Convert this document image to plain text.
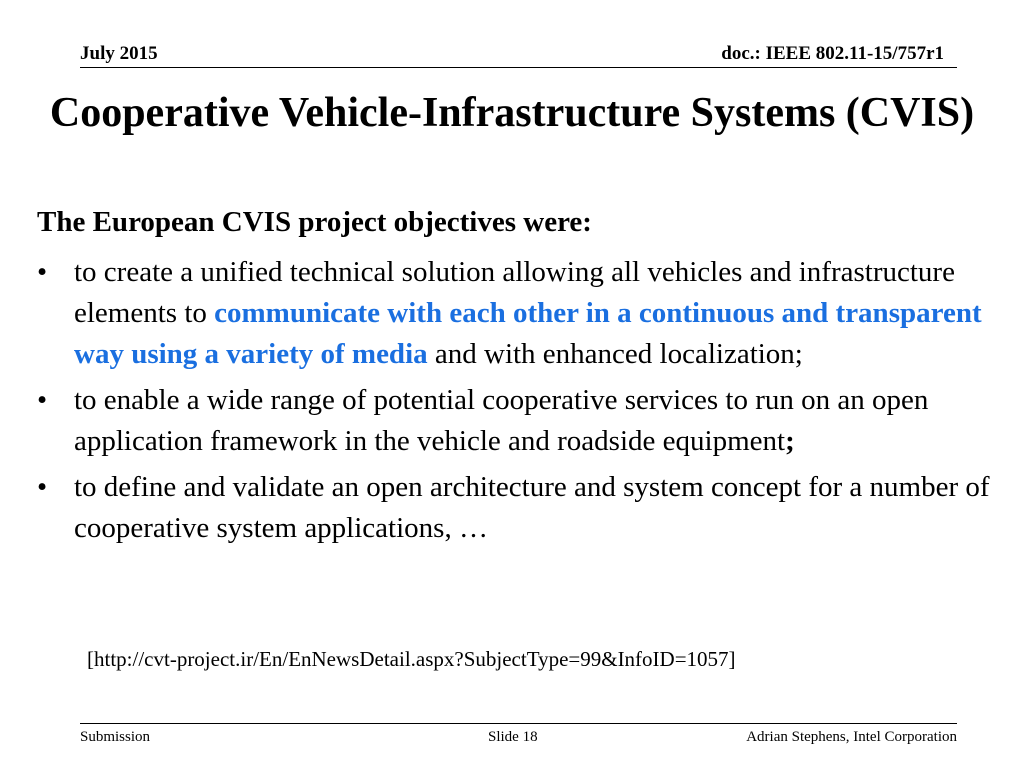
July 2015	doc.: IEEE 802.11-15/757r1
Cooperative Vehicle-Infrastructure Systems (CVIS)

The European CVIS project objectives were:

• to create a unified technical solution allowing all vehicles and infrastructure elements to communicate with each other in a continuous and transparent way using a variety of media and with enhanced localization;
• to enable a wide range of potential cooperative services to run on an open application framework in the vehicle and roadside equipment;
• to define and validate an open architecture and system concept for a number of cooperative system applications, …

[http://cvt-project.ir/En/EnNewsDetail.aspx?SubjectType=99&InfoID=1057]

Submission	Slide 18	Adrian Stephens, Intel Corporation
